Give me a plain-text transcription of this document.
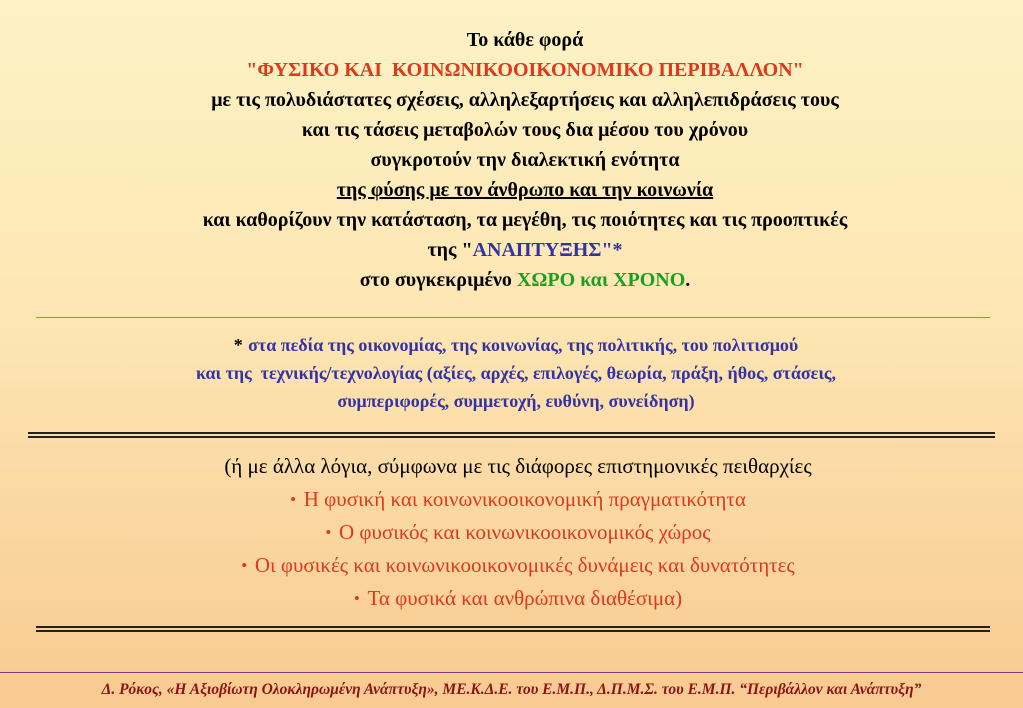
Το κάθε φορά
"ΦΥΣΙΚΟ ΚΑΙ  ΚΟΙΝΩΝΙΚΟΟΙΚΟΝΟΜΙΚΟ ΠΕΡΙΒΑΛΛΟΝ"
με τις πολυδιάστατες σχέσεις, αλληλεξαρτήσεις και αλληλεπιδράσεις τους
και τις τάσεις μεταβολών τους δια μέσου του χρόνου
συγκροτούν την διαλεκτική ενότητα
της φύσης με τον άνθρωπο και την κοινωνία
και καθορίζουν την κατάσταση, τα μεγέθη, τις ποιότητες και τις προοπτικές
της "ΑΝΑΠΤΥΞΗΣ"*
στο συγκεκριμένο ΧΩΡΟ και ΧΡΟΝΟ.
* στα πεδία της οικονομίας, της κοινωνίας, της πολιτικής, του πολιτισμού
και της  τεχνικής/τεχνολογίας (αξίες, αρχές, επιλογές, θεωρία, πράξη, ήθος, στάσεις,
συμπεριφορές, συμμετοχή, ευθύνη, συνείδηση)
(ή με άλλα λόγια, σύμφωνα με τις διάφορες επιστημονικές πειθαρχίες
• Η φυσική και κοινωνικοοικονομική πραγματικότητα
• Ο φυσικός και κοινωνικοοικονομικός χώρος
• Οι φυσικές και κοινωνικοοικονομικές δυνάμεις και δυνατότητες
• Τα φυσικά και ανθρώπινα διαθέσιμα)
Δ. Ρόκος, «Η Αξιοβίωτη Ολοκληρωμένη Ανάπτυξη», ΜΕ.Κ.Δ.Ε. του Ε.Μ.Π., Δ.Π.Μ.Σ. του Ε.Μ.Π. “Περιβάλλον και Ανάπτυξη”
